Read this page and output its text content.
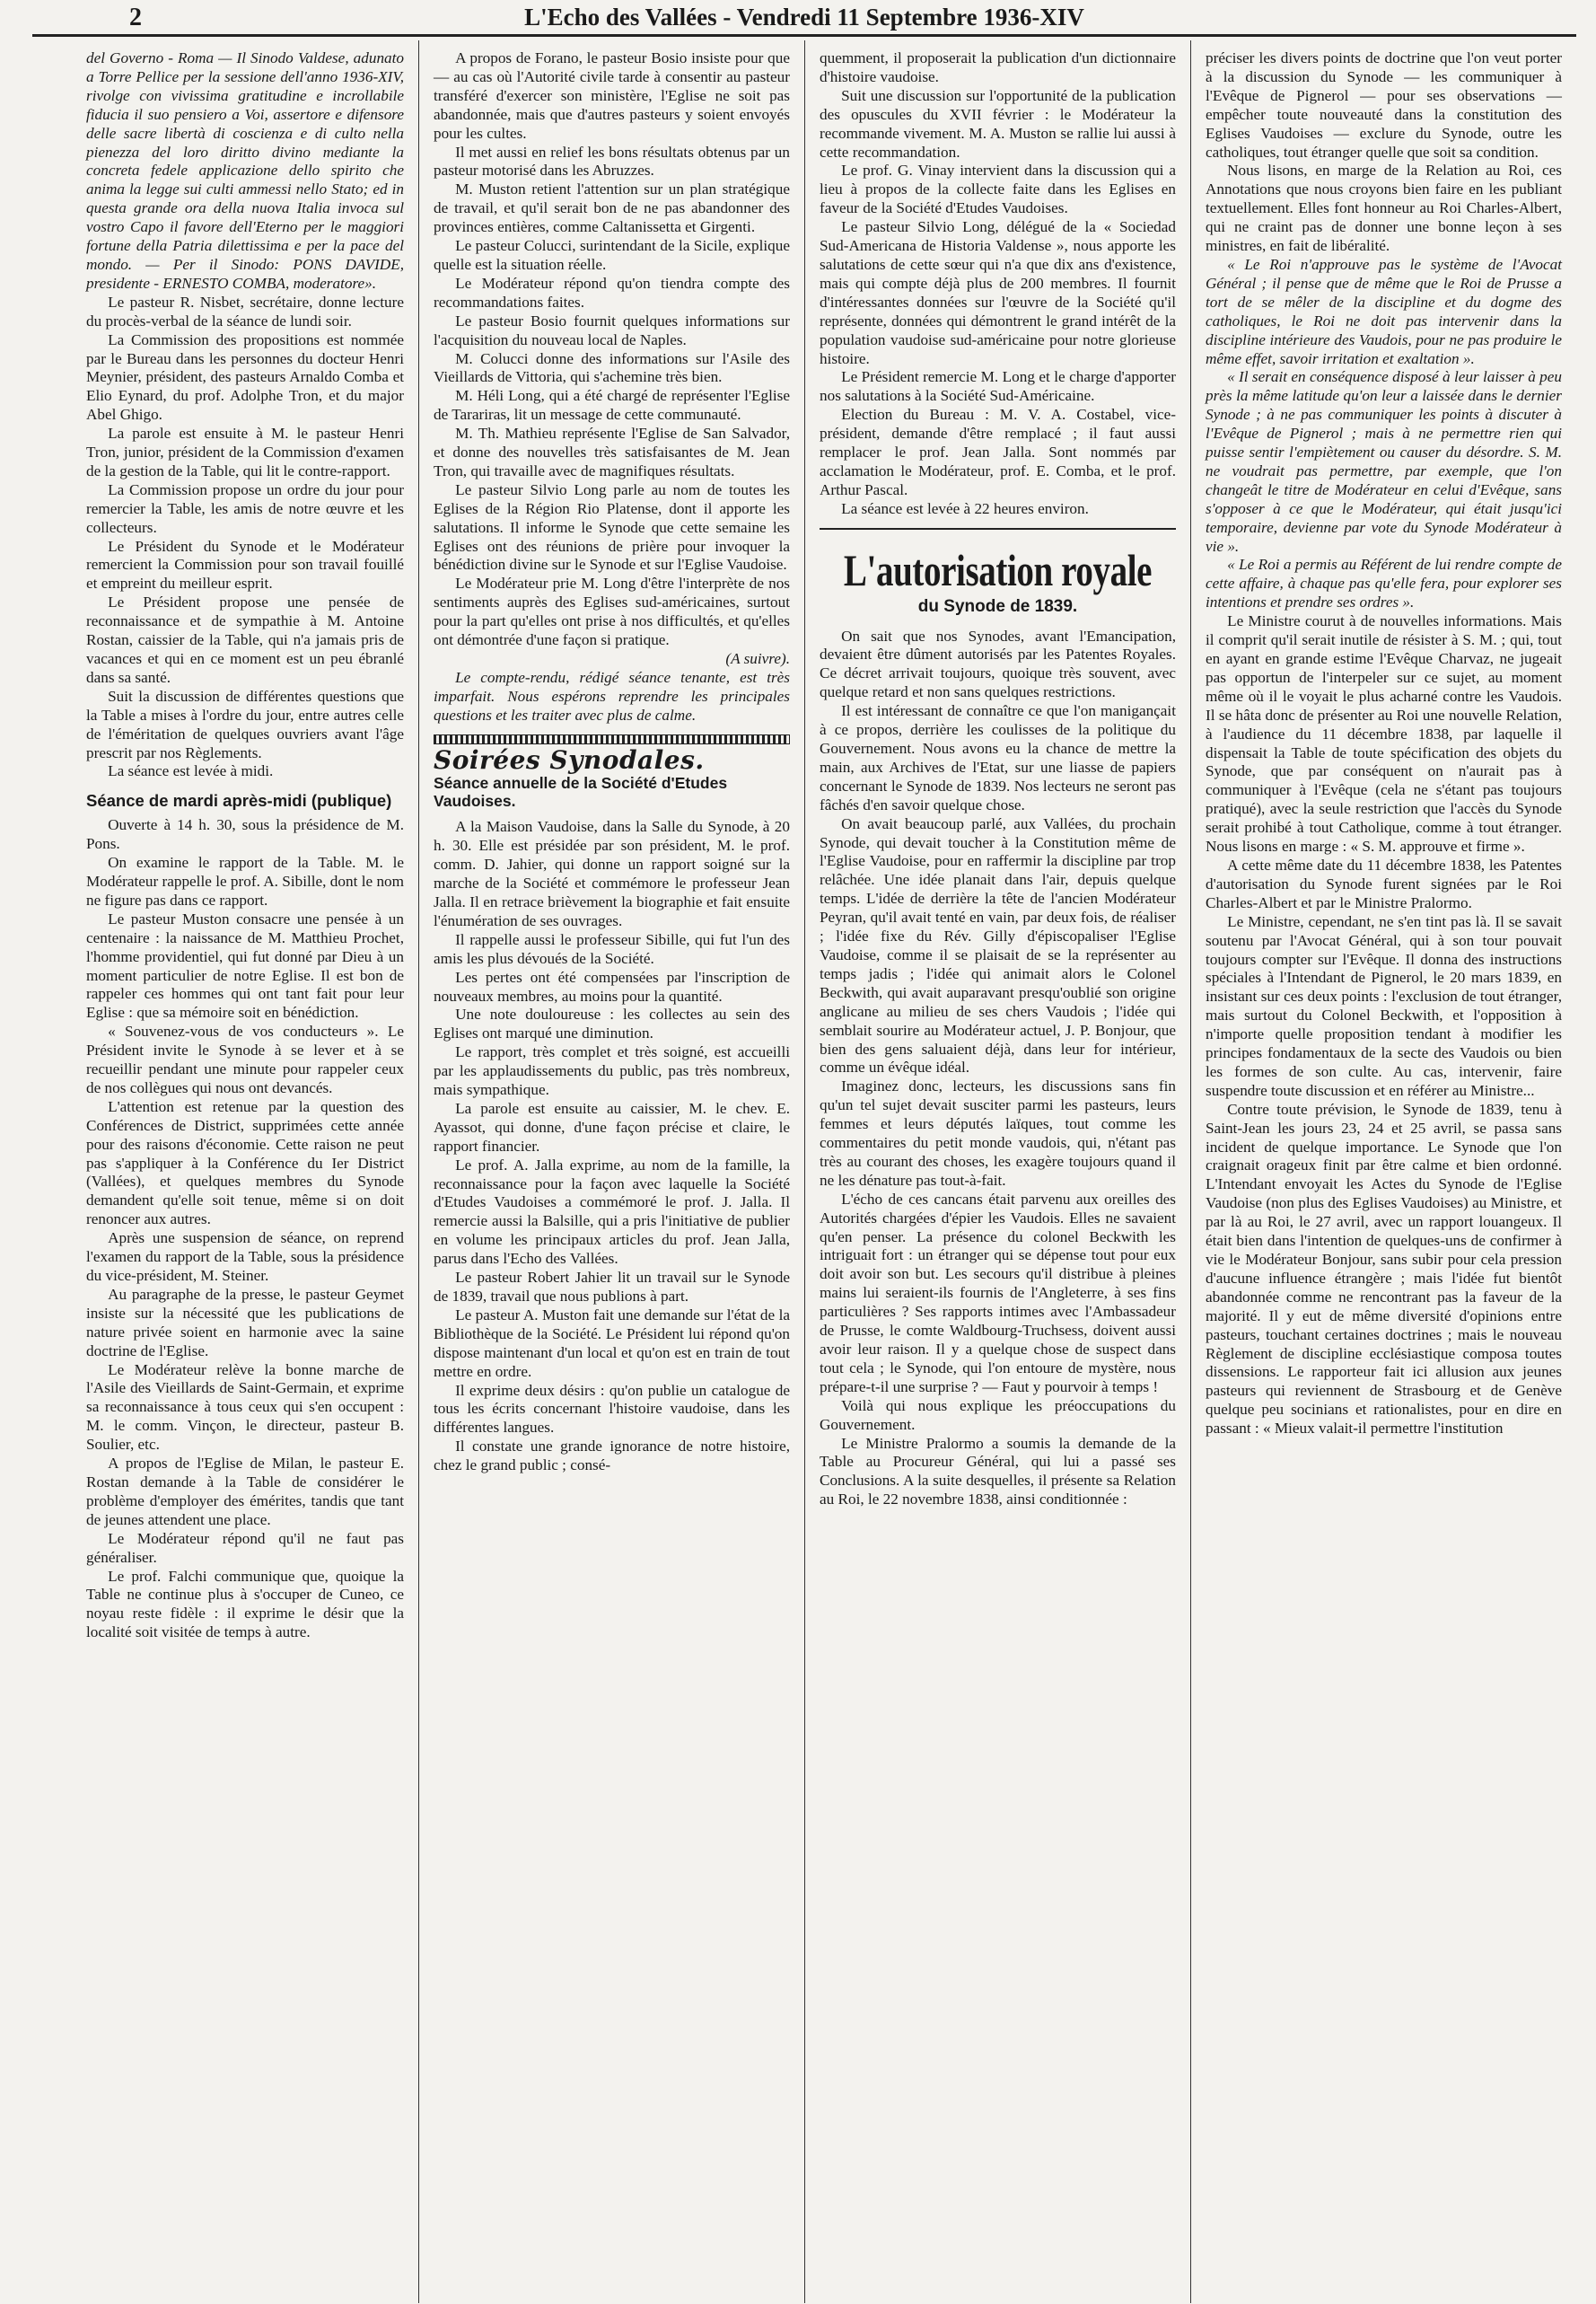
2	L'Echo des Vallées - Vendredi 11 Septembre 1936-XIV

del Governo - Roma — Il Sinodo Valdese, adunato a Torre Pellice per la sessione dell'anno 1936-XIV, rivolge con vivissima gratitudine e incrollabile fiducia il suo pensiero a Voi, assertore e difensore delle sacre libertà di coscienza e di culto nella pienezza del loro diritto divino mediante la concreta fedele applicazione dello spirito che anima la legge sui culti ammessi nello Stato; ed in questa grande ora della nuova Italia invoca sul vostro Capo il favore dell'Eterno per le maggiori fortune della Patria dilettissima e per la pace del mondo. — Per il Sinodo: PONS DAVIDE, presidente - ERNESTO COMBA, moderatore».

Le pasteur R. Nisbet, secrétaire, donne lecture du procès-verbal de la séance de lundi soir.

La Commission des propositions est nommée par le Bureau dans les personnes du docteur Henri Meynier, président, des pasteurs Arnaldo Comba et Elio Eynard, du prof. Adolphe Tron, et du major Abel Ghigo.

La parole est ensuite à M. le pasteur Henri Tron, junior, président de la Commission d'examen de la gestion de la Table, qui lit le contre-rapport.

La Commission propose un ordre du jour pour remercier la Table, les amis de notre œuvre et les collecteurs.

Le Président du Synode et le Modérateur remercient la Commission pour son travail fouillé et empreint du meilleur esprit.

Le Président propose une pensée de reconnaissance et de sympathie à M. Antoine Rostan, caissier de la Table, qui n'a jamais pris de vacances et qui en ce moment est un peu ébranlé dans sa santé.

Suit la discussion de différentes questions que la Table a mises à l'ordre du jour, entre autres celle de l'éméritation de quelques ouvriers avant l'âge prescrit par nos Règlements.

La séance est levée à midi.

Séance de mardi après-midi (publique)

Ouverte à 14 h. 30, sous la présidence de M. Pons.

On examine le rapport de la Table. M. le Modérateur rappelle le prof. A. Sibille, dont le nom ne figure pas dans ce rapport.

Le pasteur Muston consacre une pensée à un centenaire : la naissance de M. Matthieu Prochet, l'homme providentiel, qui fut donné par Dieu à un moment particulier de notre Eglise. Il est bon de rappeler ces hommes qui ont tant fait pour leur Eglise : que sa mémoire soit en bénédiction.

« Souvenez-vous de vos conducteurs ». Le Président invite le Synode à se lever et à se recueillir pendant une minute pour rappeler ceux de nos collègues qui nous ont devancés.

L'attention est retenue par la question des Conférences de District, supprimées cette année pour des raisons d'économie. Cette raison ne peut pas s'appliquer à la Conférence du Ier District (Vallées), et quelques membres du Synode demandent qu'elle soit tenue, même si on doit renoncer aux autres.

Après une suspension de séance, on reprend l'examen du rapport de la Table, sous la présidence du vice-président, M. Steiner.

Au paragraphe de la presse, le pasteur Geymet insiste sur la nécessité que les publications de nature privée soient en harmonie avec la saine doctrine de l'Eglise.

Le Modérateur relève la bonne marche de l'Asile des Vieillards de Saint-Germain, et exprime sa reconnaissance à tous ceux qui s'en occupent : M. le comm. Vinçon, le directeur, pasteur B. Soulier, etc.

A propos de l'Eglise de Milan, le pasteur E. Rostan demande à la Table de considérer le problème d'employer des émérites, tandis que tant de jeunes attendent une place.

Le Modérateur répond qu'il ne faut pas généraliser.

Le prof. Falchi communique que, quoique la Table ne continue plus à s'occuper de Cuneo, ce noyau reste fidèle : il exprime le désir que la localité soit visitée de temps à autre.

A propos de Forano, le pasteur Bosio insiste pour que — au cas où l'Autorité civile tarde à consentir au pasteur transféré d'exercer son ministère, l'Eglise ne soit pas abandonnée, mais que d'autres pasteurs y soient envoyés pour les cultes.

Il met aussi en relief les bons résultats obtenus par un pasteur motorisé dans les Abruzzes.

M. Muston retient l'attention sur un plan stratégique de travail, et qu'il serait bon de ne pas abandonner des provinces entières, comme Caltanissetta et Girgenti.

Le pasteur Colucci, surintendant de la Sicile, explique quelle est la situation réelle.

Le Modérateur répond qu'on tiendra compte des recommandations faites.

Le pasteur Bosio fournit quelques informations sur l'acquisition du nouveau local de Naples.

M. Colucci donne des informations sur l'Asile des Vieillards de Vittoria, qui s'achemine très bien.

M. Héli Long, qui a été chargé de représenter l'Eglise de Tarariras, lit un message de cette communauté.

M. Th. Mathieu représente l'Eglise de San Salvador, et donne des nouvelles très satisfaisantes de M. Jean Tron, qui travaille avec de magnifiques résultats.

Le pasteur Silvio Long parle au nom de toutes les Eglises de la Région Rio Platense, dont il apporte les salutations. Il informe le Synode que cette semaine les Eglises ont des réunions de prière pour invoquer la bénédiction divine sur le Synode et sur l'Eglise Vaudoise.

Le Modérateur prie M. Long d'être l'interprète de nos sentiments auprès des Eglises sud-américaines, surtout pour la part qu'elles ont prise à nos difficultés, et qu'elles ont démontrée d'une façon si pratique.

(A suivre).

Le compte-rendu, rédigé séance tenante, est très imparfait. Nous espérons reprendre les principales questions et les traiter avec plus de calme.

Soirées Synodales.
Séance annuelle de la Société d'Etudes Vaudoises.

A la Maison Vaudoise, dans la Salle du Synode, à 20 h. 30. Elle est présidée par son président, M. le prof. comm. D. Jahier, qui donne un rapport soigné sur la marche de la Société et commémore le professeur Jean Jalla. Il en retrace brièvement la biographie et fait ensuite l'énumération de ses ouvrages.

Il rappelle aussi le professeur Sibille, qui fut l'un des amis les plus dévoués de la Société.

Les pertes ont été compensées par l'inscription de nouveaux membres, au moins pour la quantité.

Une note douloureuse : les collectes au sein des Eglises ont marqué une diminution.

Le rapport, très complet et très soigné, est accueilli par les applaudissements du public, pas très nombreux, mais sympathique.

La parole est ensuite au caissier, M. le chev. E. Ayassot, qui donne, d'une façon précise et claire, le rapport financier.

Le prof. A. Jalla exprime, au nom de la famille, la reconnaissance pour la façon avec laquelle la Société d'Etudes Vaudoises a commémoré le prof. J. Jalla. Il remercie aussi la Balsille, qui a pris l'initiative de publier en volume les principaux articles du prof. Jean Jalla, parus dans l'Echo des Vallées.

Le pasteur Robert Jahier lit un travail sur le Synode de 1839, travail que nous publions à part.

Le pasteur A. Muston fait une demande sur l'état de la Bibliothèque de la Société. Le Président lui répond qu'on dispose maintenant d'un local et qu'on est en train de tout mettre en ordre.

Il exprime deux désirs : qu'on publie un catalogue de tous les écrits concernant l'histoire vaudoise, dans les différentes langues.

Il constate une grande ignorance de notre histoire, chez le grand public ; consé-

quemment, il proposerait la publication d'un dictionnaire d'histoire vaudoise.

Suit une discussion sur l'opportunité de la publication des opuscules du XVII février : le Modérateur la recommande vivement. M. A. Muston se rallie lui aussi à cette recommandation.

Le prof. G. Vinay intervient dans la discussion qui a lieu à propos de la collecte faite dans les Eglises en faveur de la Société d'Etudes Vaudoises.

Le pasteur Silvio Long, délégué de la « Sociedad Sud-Americana de Historia Valdense », nous apporte les salutations de cette sœur qui n'a que dix ans d'existence, mais qui compte déjà plus de 200 membres. Il fournit d'intéressantes données sur l'œuvre de la Société qu'il représente, données qui démontrent le grand intérêt de la population vaudoise sud-américaine pour notre glorieuse histoire.

Le Président remercie M. Long et le charge d'apporter nos salutations à la Société Sud-Américaine.

Election du Bureau : M. V. A. Costabel, vice-président, demande d'être remplacé ; il faut aussi remplacer le prof. Jean Jalla. Sont nommés par acclamation le Modérateur, prof. E. Comba, et le prof. Arthur Pascal.

La séance est levée à 22 heures environ.

L'autorisation royale
du Synode de 1839.

On sait que nos Synodes, avant l'Emancipation, devaient être dûment autorisés par les Patentes Royales. Ce décret arrivait toujours, quoique très souvent, avec quelque retard et non sans quelques restrictions.

Il est intéressant de connaître ce que l'on manigançait à ce propos, derrière les coulisses de la politique du Gouvernement. Nous avons eu la chance de mettre la main, aux Archives de l'Etat, sur une liasse de papiers concernant le Synode de 1839. Nos lecteurs ne seront pas fâchés d'en savoir quelque chose.

On avait beaucoup parlé, aux Vallées, du prochain Synode, qui devait toucher à la Constitution même de l'Eglise Vaudoise, pour en raffermir la discipline par trop relâchée. Une idée planait dans l'air, depuis quelque temps. L'idée de derrière la tête de l'ancien Modérateur Peyran, qu'il avait tenté en vain, par deux fois, de réaliser ; l'idée fixe du Rév. Gilly d'épiscopaliser l'Eglise Vaudoise, comme il se plaisait de se la représenter au temps jadis ; l'idée qui animait alors le Colonel Beckwith, qui avait auparavant presqu'oublié son origine anglicane au milieu de ses chers Vaudois ; l'idée qui semblait sourire au Modérateur actuel, J. P. Bonjour, que bien des gens saluaient déjà, dans leur for intérieur, comme un évêque idéal.

Imaginez donc, lecteurs, les discussions sans fin qu'un tel sujet devait susciter parmi les pasteurs, leurs femmes et leurs députés laïques, tout comme les commentaires du petit monde vaudois, qui, n'étant pas très au courant des choses, les exagère toujours quand il ne les dénature pas tout-à-fait.

L'écho de ces cancans était parvenu aux oreilles des Autorités chargées d'épier les Vaudois. Elles ne savaient qu'en penser. La présence du colonel Beckwith les intriguait fort : un étranger qui se dépense tout pour eux doit avoir son but. Les secours qu'il distribue à pleines mains lui seraient-ils fournis de l'Angleterre, à ses fins particulières ? Ses rapports intimes avec l'Ambassadeur de Prusse, le comte Waldbourg-Truchsess, doivent aussi avoir leur raison. Il y a quelque chose de suspect dans tout cela ; le Synode, qui l'on entoure de mystère, nous prépare-t-il une surprise ? — Faut y pourvoir à temps !

Voilà qui nous explique les préoccupations du Gouvernement.

Le Ministre Pralormo a soumis la demande de la Table au Procureur Général, qui lui a passé ses Conclusions. A la suite desquelles, il présente sa Relation au Roi, le 22 novembre 1838, ainsi conditionnée :

préciser les divers points de doctrine que l'on veut porter à la discussion du Synode — les communiquer à l'Evêque de Pignerol — pour ses observations — empêcher toute nouveauté dans la constitution des Eglises Vaudoises — exclure du Synode, outre les catholiques, tout étranger quelle que soit sa condition.

Nous lisons, en marge de la Relation au Roi, ces Annotations que nous croyons bien faire en les publiant textuellement. Elles font honneur au Roi Charles-Albert, qui ne craint pas de donner une bonne leçon à ses ministres, en fait de libéralité.

« Le Roi n'approuve pas le système de l'Avocat Général ; il pense que de même que le Roi de Prusse a tort de se mêler de la discipline et du dogme des catholiques, le Roi ne doit pas intervenir dans la discipline intérieure des Vaudois, pour ne pas produire le même effet, savoir irritation et exaltation ».

« Il serait en conséquence disposé à leur laisser à peu près la même latitude qu'on leur a laissée dans le dernier Synode ; à ne pas communiquer les points à discuter à l'Evêque de Pignerol ; mais à ne permettre rien qui puisse sentir l'empiètement ou causer du désordre. S. M. ne voudrait pas permettre, par exemple, que l'on changeât le titre de Modérateur en celui d'Evêque, sans s'opposer à ce que le Modérateur, qui était jusqu'ici temporaire, devienne par vote du Synode Modérateur à vie ».

« Le Roi a permis au Référent de lui rendre compte de cette affaire, à chaque pas qu'elle fera, pour explorer ses intentions et prendre ses ordres ».

Le Ministre courut à de nouvelles informations. Mais il comprit qu'il serait inutile de résister à S. M. ; qui, tout en ayant en grande estime l'Evêque Charvaz, ne jugeait pas opportun de l'interpeler sur ce sujet, au moment même où il le voyait le plus acharné contre les Vaudois. Il se hâta donc de présenter au Roi une nouvelle Relation, à l'audience du 11 décembre 1838, par laquelle il dispensait la Table de toute spécification des objets du Synode, que par conséquent on n'aurait pas à communiquer à l'Evêque (cela ne s'étant pas toujours pratiqué), avec la seule restriction que l'accès du Synode serait prohibé à tout Catholique, comme à tout étranger. Nous lisons en marge : « S. M. approuve et firme ».

A cette même date du 11 décembre 1838, les Patentes d'autorisation du Synode furent signées par le Roi Charles-Albert et par le Ministre Pralormo.

Le Ministre, cependant, ne s'en tint pas là. Il se savait soutenu par l'Avocat Général, qui à son tour pouvait toujours compter sur l'Evêque. Il donna des instructions spéciales à l'Intendant de Pignerol, le 20 mars 1839, en insistant sur ces deux points : l'exclusion de tout étranger, mais surtout du Colonel Beckwith, et l'opposition à n'importe quelle proposition tendant à modifier les principes fondamentaux de la secte des Vaudois ou bien les formes de son culte. Au cas, intervenir, faire suspendre toute discussion et en référer au Ministre...

Contre toute prévision, le Synode de 1839, tenu à Saint-Jean les jours 23, 24 et 25 avril, se passa sans incident de quelque importance. Le Synode que l'on craignait orageux finit par être calme et bien ordonné. L'Intendant envoyait les Actes du Synode de l'Eglise Vaudoise (non plus des Eglises Vaudoises) au Ministre, et par là au Roi, le 27 avril, avec un rapport louangeux. Il était bien dans l'intention de quelques-uns de confirmer à vie le Modérateur Bonjour, sans subir pour cela pression d'aucune influence étrangère ; mais l'idée fut bientôt abandonnée comme ne rencontrant pas la faveur de la majorité. Il y eut de même diversité d'opinions entre pasteurs, touchant certaines doctrines ; mais le nouveau Règlement de discipline ecclésiastique composa toutes dissensions. Le rapporteur fait ici allusion aux jeunes pasteurs qui reviennent de Strasbourg et de Genève quelque peu socinians et rationalistes, pour en dire en passant : « Mieux valait-il permettre l'institution
